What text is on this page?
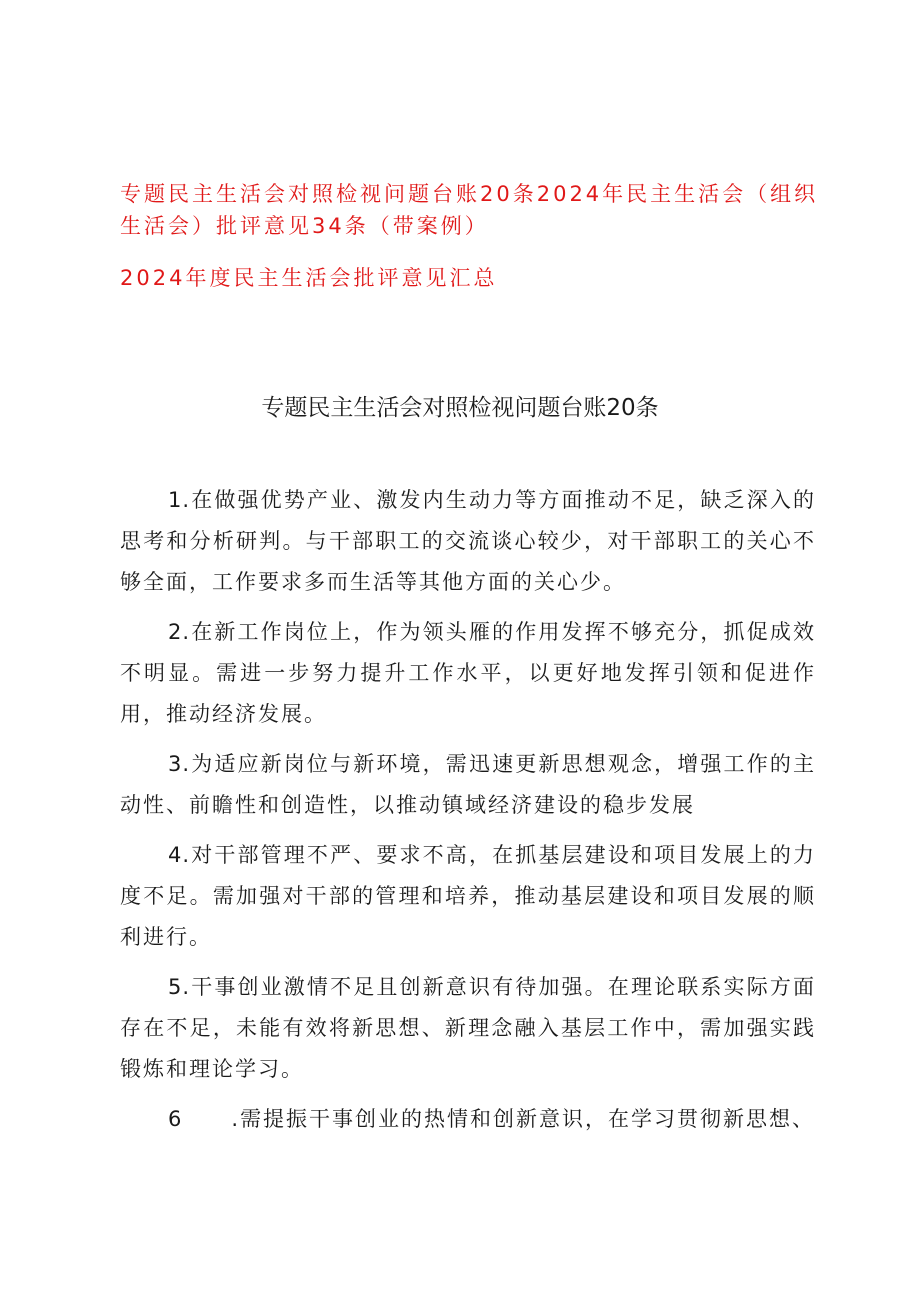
专题民主生活会对照检视问题台账20条2024年民主生活会（组织生活会）批评意见34条（带案例）
2024年度民主生活会批评意见汇总
专题民主生活会对照检视问题台账20条

1.在做强优势产业、激发内生动力等方面推动不足，缺乏深入的思考和分析研判。与干部职工的交流谈心较少，对干部职工的关心不够全面，工作要求多而生活等其他方面的关心少。

2.在新工作岗位上，作为领头雁的作用发挥不够充分，抓促成效不明显。需进一步努力提升工作水平，以更好地发挥引领和促进作用，推动经济发展。

3.为适应新岗位与新环境，需迅速更新思想观念，增强工作的主动性、前瞻性和创造性，以推动镇域经济建设的稳步发展

4.对干部管理不严、要求不高，在抓基层建设和项目发展上的力度不足。需加强对干部的管理和培养，推动基层建设和项目发展的顺利进行。

5.干事创业激情不足且创新意识有待加强。在理论联系实际方面存在不足，未能有效将新思想、新理念融入基层工作中，需加强实践锻炼和理论学习。

6 .需提振干事创业的热情和创新意识，在学习贯彻新思想、
